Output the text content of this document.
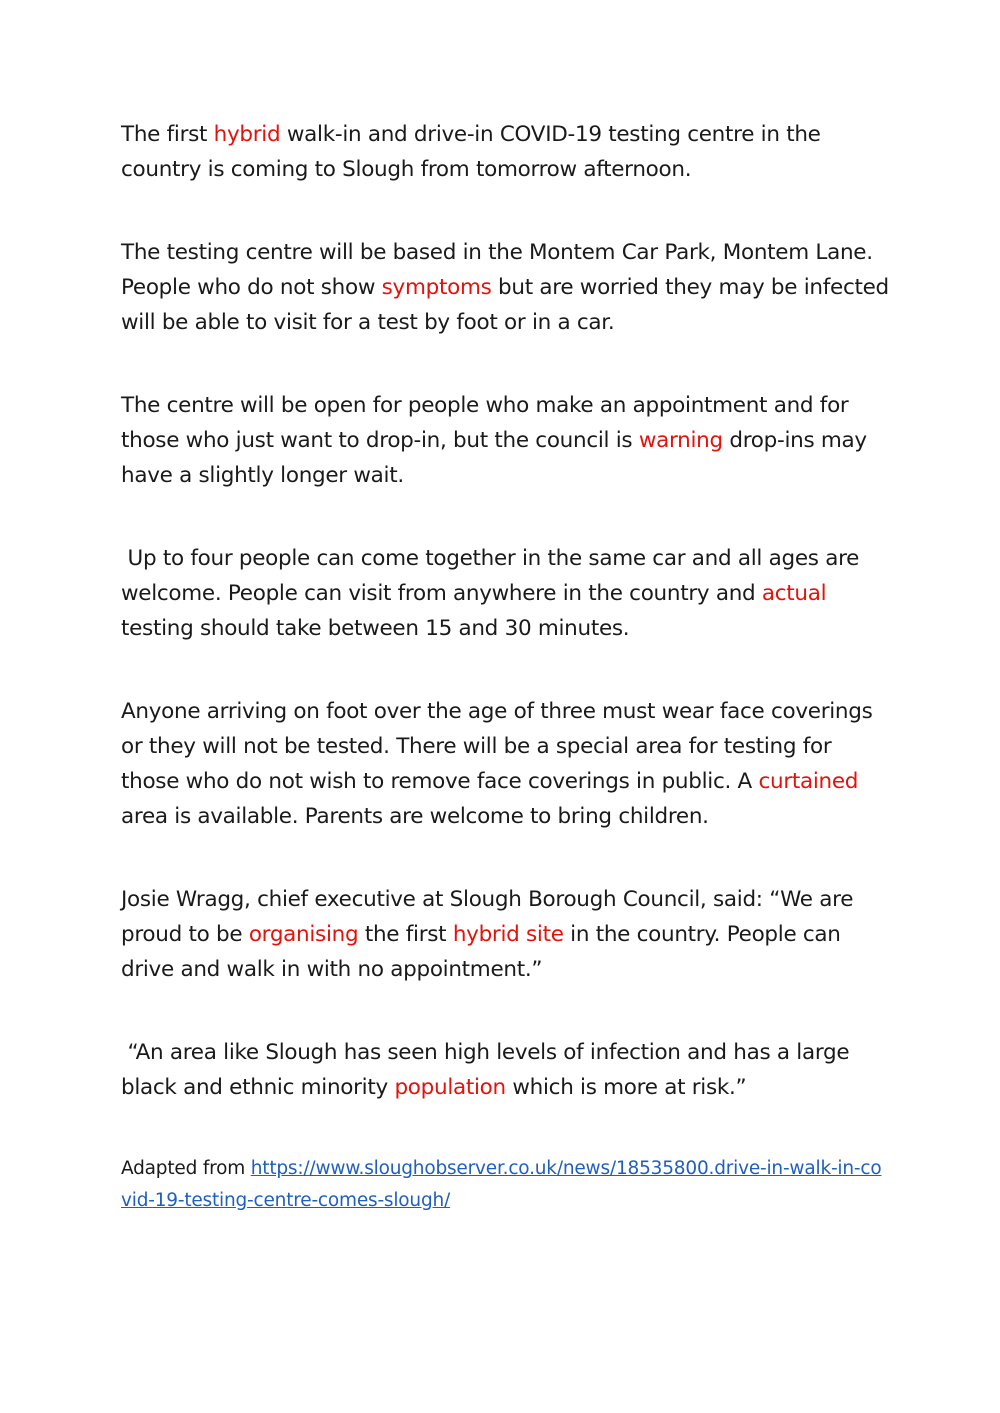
The first hybrid walk-in and drive-in COVID-19 testing centre in the country is coming to Slough from tomorrow afternoon.

The testing centre will be based in the Montem Car Park, Montem Lane. People who do not show symptoms but are worried they may be infected will be able to visit for a test by foot or in a car.

The centre will be open for people who make an appointment and for those who just want to drop-in, but the council is warning drop-ins may have a slightly longer wait.

Up to four people can come together in the same car and all ages are welcome. People can visit from anywhere in the country and actual testing should take between 15 and 30 minutes.

Anyone arriving on foot over the age of three must wear face coverings or they will not be tested. There will be a special area for testing for those who do not wish to remove face coverings in public. A curtained area is available. Parents are welcome to bring children.

Josie Wragg, chief executive at Slough Borough Council, said: “We are proud to be organising the first hybrid site in the country. People can drive and walk in with no appointment.”

“An area like Slough has seen high levels of infection and has a large black and ethnic minority population which is more at risk.”

Adapted from https://www.sloughobserver.co.uk/news/18535800.drive-in-walk-in-covid-19-testing-centre-comes-slough/
